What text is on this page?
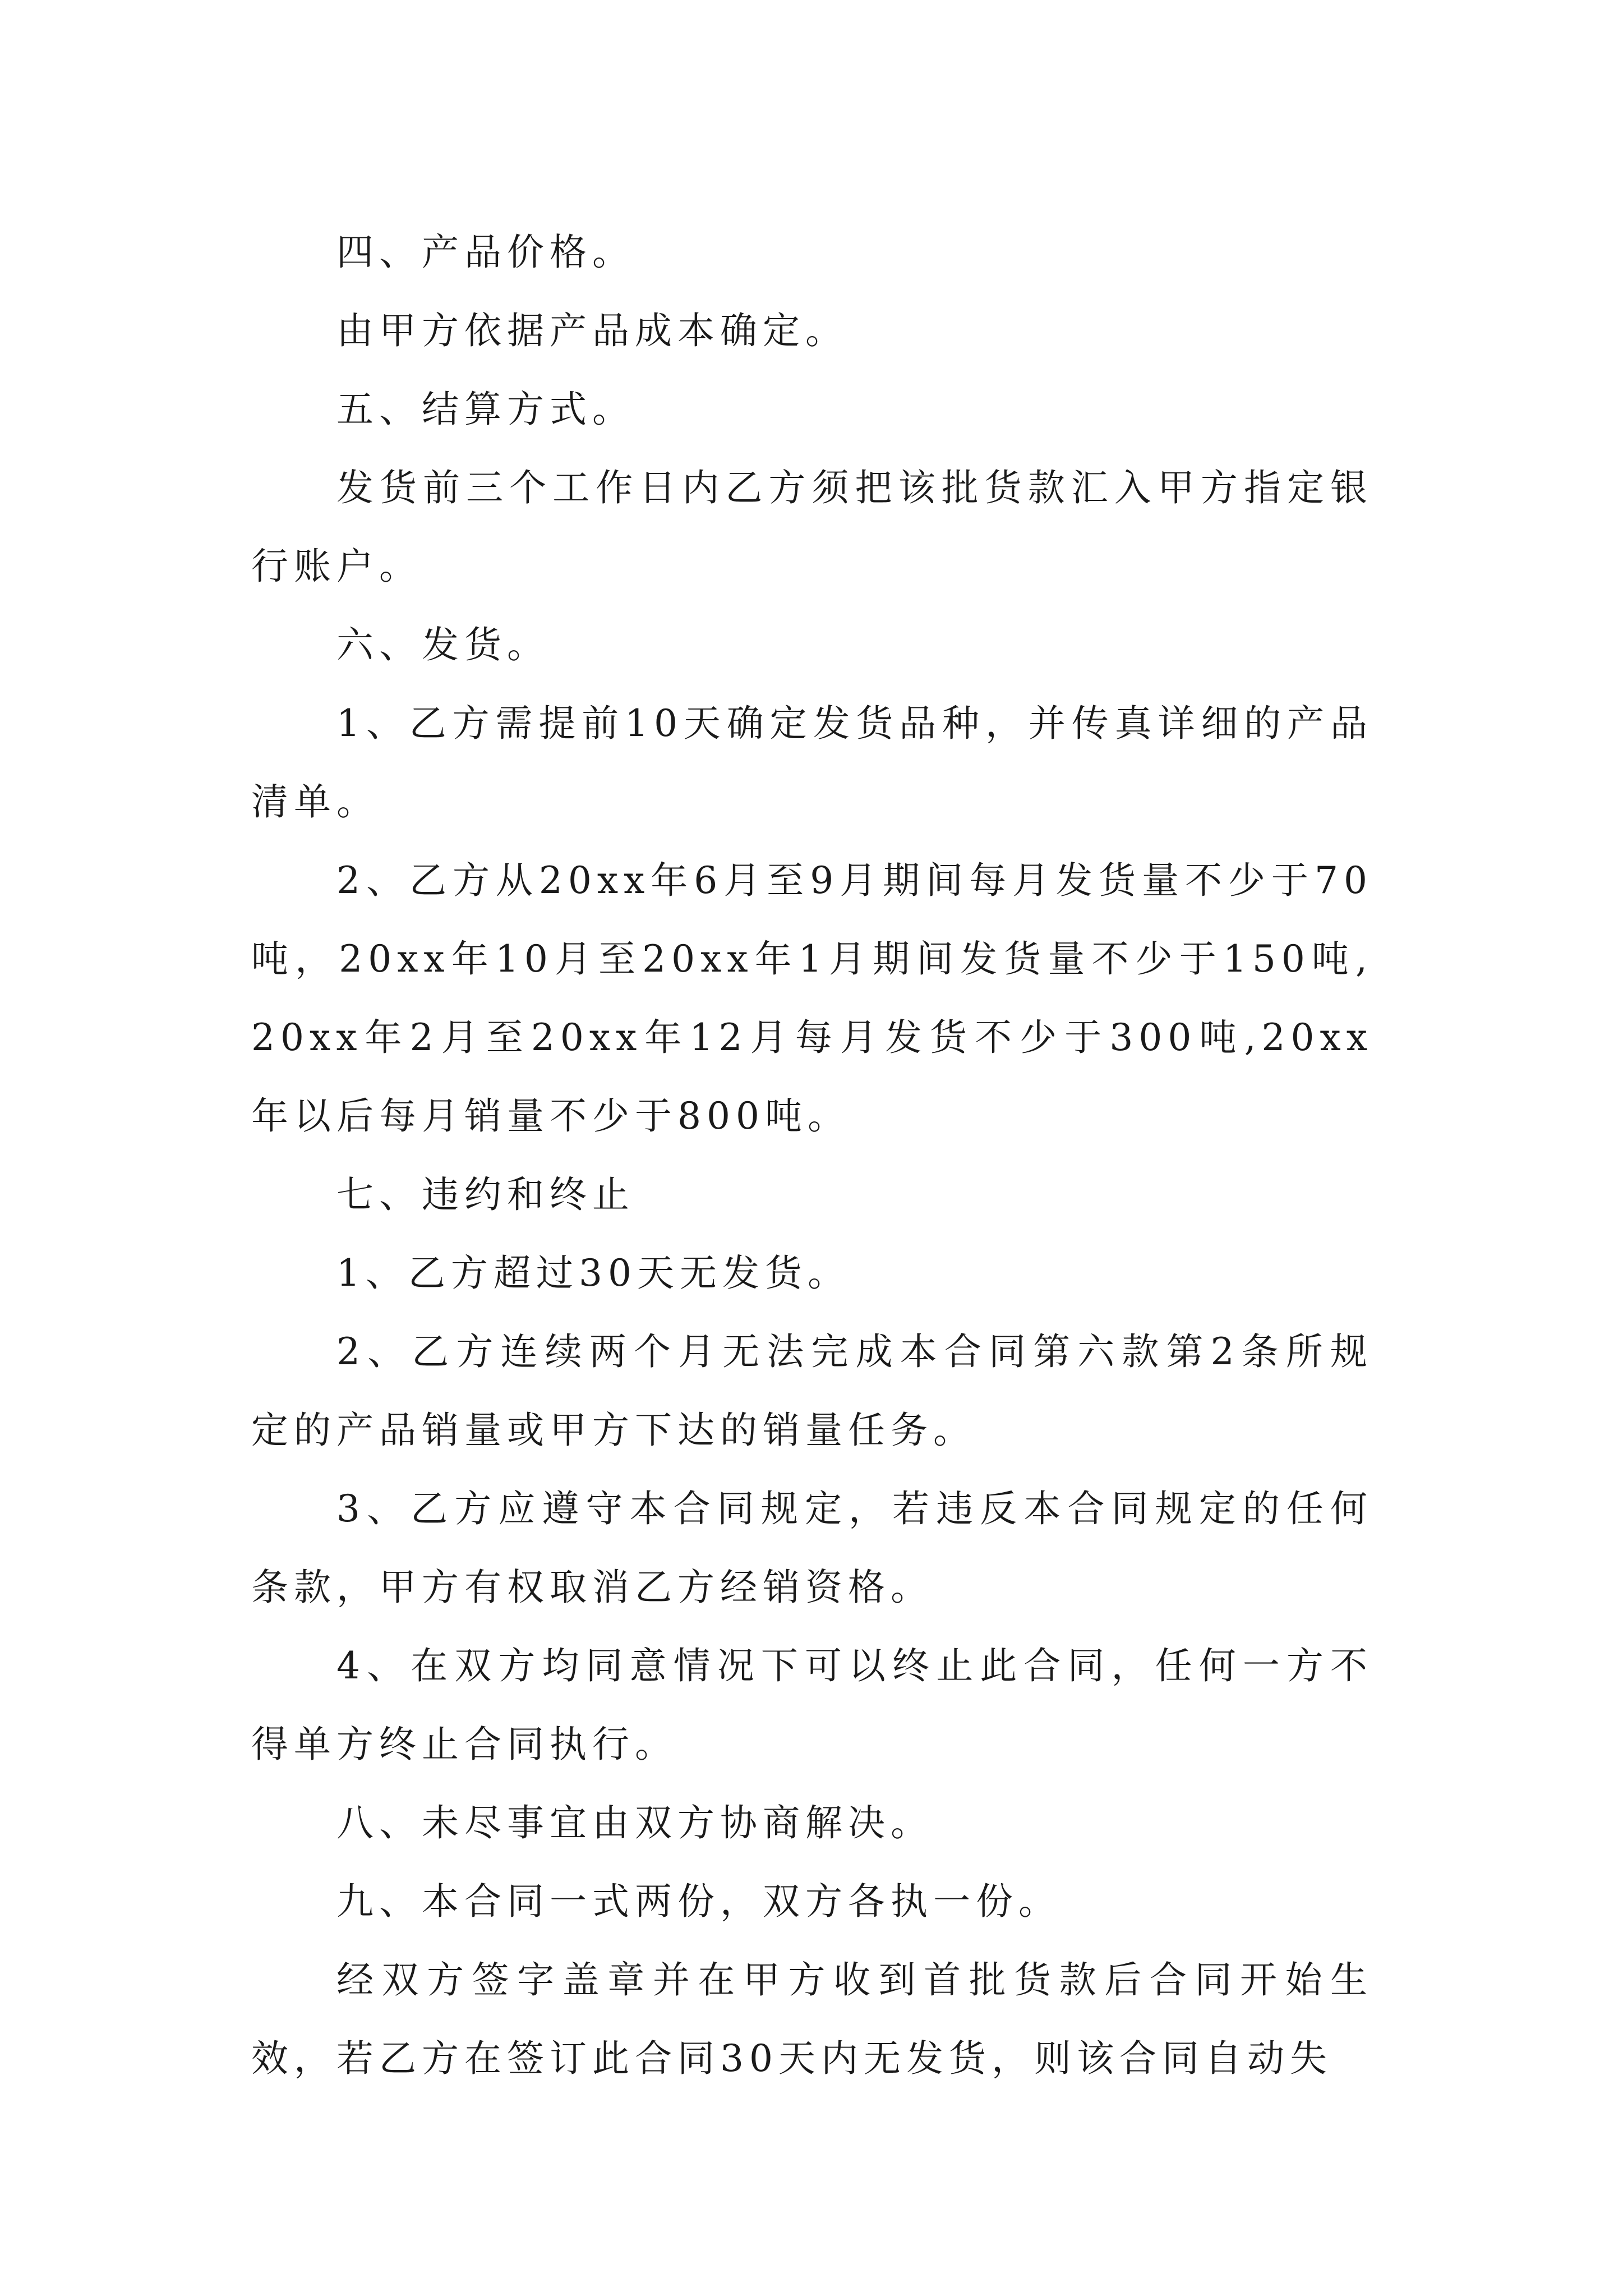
四、产品价格。

由甲方依据产品成本确定。

五、结算方式。

发货前三个工作日内乙方须把该批货款汇入甲方指定银行账户。

六、发货。

1、乙方需提前10天确定发货品种，并传真详细的产品清单。

2、乙方从20xx年6月至9月期间每月发货量不少于70吨，20xx年10月至20xx年1月期间发货量不少于150吨,20xx年2月至20xx年12月每月发货不少于300吨,20xx年以后每月销量不少于800吨。

七、违约和终止

1、乙方超过30天无发货。

2、乙方连续两个月无法完成本合同第六款第2条所规定的产品销量或甲方下达的销量任务。

3、乙方应遵守本合同规定，若违反本合同规定的任何条款，甲方有权取消乙方经销资格。

4、在双方均同意情况下可以终止此合同，任何一方不得单方终止合同执行。

八、未尽事宜由双方协商解决。

九、本合同一式两份，双方各执一份。

经双方签字盖章并在甲方收到首批货款后合同开始生效，若乙方在签订此合同30天内无发货，则该合同自动失
